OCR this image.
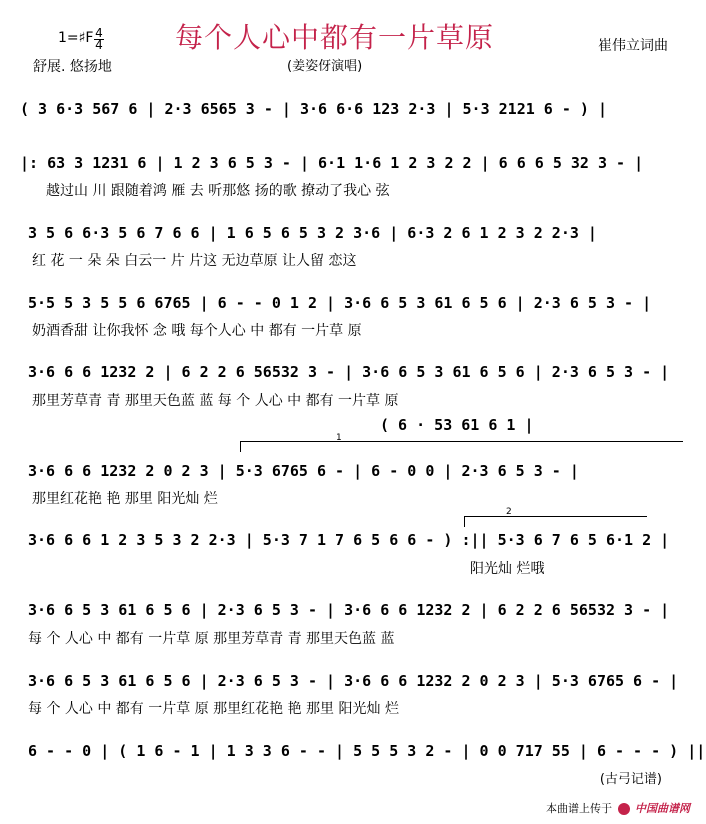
1=♯F 4
4
舒展. 悠扬地
每个人心中都有一片草原	崔伟立词曲
(姜姿伢演唱)
( 3 6·3 567 6 | 2·3 6565 3 - | 3·6 6·6 123 2·3 | 5·3 2121 6 - ) |
|: 63 3 1231 6 | 1 2 3 6 5 3 - | 6·1 1·6 1 2 3 2 2 | 6 6 6 5 32 3 - |
越过山 川 跟随着鸿 雁 去 听那悠 扬的歌 撩动了我心 弦
3 5 6 6·3 5 6 7 6 6 | 1 6 5 6 5 3 2 3·6 | 6·3 2 6 1 2 3 2 2·3 |
红 花 一 朵 朵 白云一 片 片这 无边草原 让人留 恋这
5·5 5 3 5 5 6 6765 | 6 - - 0 1 2 | 3·6 6 5 3 61 6 5 6 | 2·3 6 5 3 - |
奶酒香甜 让你我怀 念 哦 每个人心 中 都有 一片草 原
3·6 6 6 1232 2 | 6 2 2 6 56532 3 - | 3·6 6 5 3 61 6 5 6 | 2·3 6 5 3 - |
那里芳草青 青 那里天色蓝 蓝 每 个 人心 中 都有 一片草 原
1
( 6 · 53 61 6 1 |
3·6 6 6 1232 2 0 2 3 | 5·3 6765 6 - | 6 - 0 0 | 2·3 6 5 3 - |
那里红花艳 艳 那里 阳光灿 烂
2
3·6 6 6 1 2 3 5 3 2 2·3 | 5·3 7 1 7 6 5 6 6 - ) :|| 5·3 6 7 6 5 6·1 2 |
阳光灿 烂哦
3·6 6 5 3 61 6 5 6 | 2·3 6 5 3 - | 3·6 6 6 1232 2 | 6 2 2 6 56532 3 - |
每 个 人心 中 都有 一片草 原 那里芳草青 青 那里天色蓝 蓝
3·6 6 5 3 61 6 5 6 | 2·3 6 5 3 - | 3·6 6 6 1232 2 0 2 3 | 5·3 6765 6 - |
每 个 人心 中 都有 一片草 原 那里红花艳 艳 那里 阳光灿 烂
6 - - 0 | ( 1 6 - 1 | 1 3 3 6 - - | 5 5 5 3 2 - | 0 0 717 55 | 6 - - - ) ||
(古弓记谱)
本曲谱上传于 中国曲谱网
